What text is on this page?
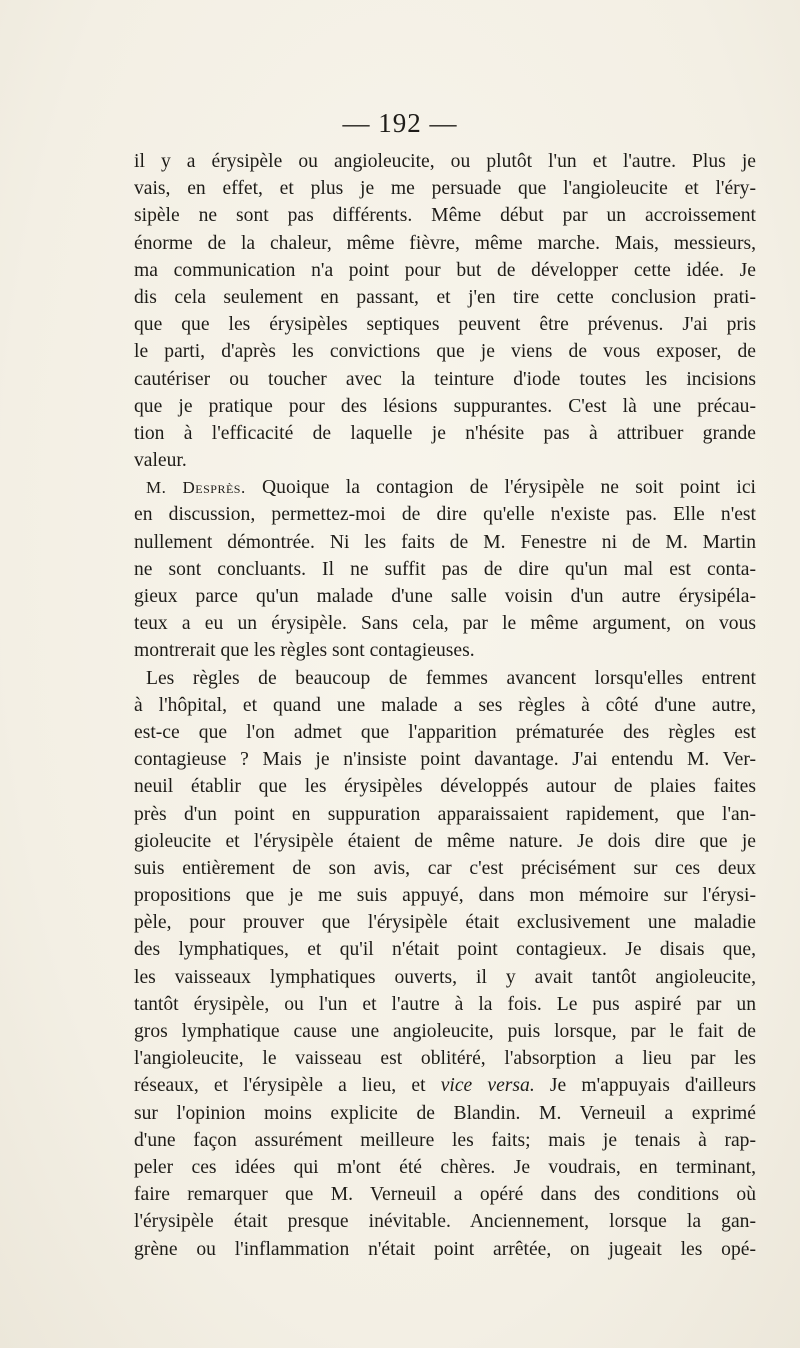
— 192 —
il y a érysipèle ou angioleucite, ou plutôt l'un et l'autre. Plus je
vais, en effet, et plus je me persuade que l'angioleucite et l'éry-
sipèle ne sont pas différents. Même début par un accroissement
énorme de la chaleur, même fièvre, même marche. Mais, messieurs,
ma communication n'a point pour but de développer cette idée. Je
dis cela seulement en passant, et j'en tire cette conclusion prati-
que que les érysipèles septiques peuvent être prévenus. J'ai pris
le parti, d'après les convictions que je viens de vous exposer, de
cautériser ou toucher avec la teinture d'iode toutes les incisions
que je pratique pour des lésions suppurantes. C'est là une précau-
tion à l'efficacité de laquelle je n'hésite pas à attribuer grande
valeur.
M. Desprès. Quoique la contagion de l'érysipèle ne soit point ici
en discussion, permettez-moi de dire qu'elle n'existe pas. Elle n'est
nullement démontrée. Ni les faits de M. Fenestre ni de M. Martin
ne sont concluants. Il ne suffit pas de dire qu'un mal est conta-
gieux parce qu'un malade d'une salle voisin d'un autre érysipéla-
teux a eu un érysipèle. Sans cela, par le même argument, on vous
montrerait que les règles sont contagieuses.
Les règles de beaucoup de femmes avancent lorsqu'elles entrent
à l'hôpital, et quand une malade a ses règles à côté d'une autre,
est-ce que l'on admet que l'apparition prématurée des règles est
contagieuse ? Mais je n'insiste point davantage. J'ai entendu M. Ver-
neuil établir que les érysipèles développés autour de plaies faites
près d'un point en suppuration apparaissaient rapidement, que l'an-
gioleucite et l'érysipèle étaient de même nature. Je dois dire que je
suis entièrement de son avis, car c'est précisément sur ces deux
propositions que je me suis appuyé, dans mon mémoire sur l'érysi-
pèle, pour prouver que l'érysipèle était exclusivement une maladie
des lymphatiques, et qu'il n'était point contagieux. Je disais que,
les vaisseaux lymphatiques ouverts, il y avait tantôt angioleucite,
tantôt érysipèle, ou l'un et l'autre à la fois. Le pus aspiré par un
gros lymphatique cause une angioleucite, puis lorsque, par le fait de
l'angioleucite, le vaisseau est oblitéré, l'absorption a lieu par les
réseaux, et l'érysipèle a lieu, et vice versa. Je m'appuyais d'ailleurs
sur l'opinion moins explicite de Blandin. M. Verneuil a exprimé
d'une façon assurément meilleure les faits; mais je tenais à rap-
peler ces idées qui m'ont été chères. Je voudrais, en terminant,
faire remarquer que M. Verneuil a opéré dans des conditions où
l'érysipèle était presque inévitable. Anciennement, lorsque la gan-
grène ou l'inflammation n'était point arrêtée, on jugeait les opé-
